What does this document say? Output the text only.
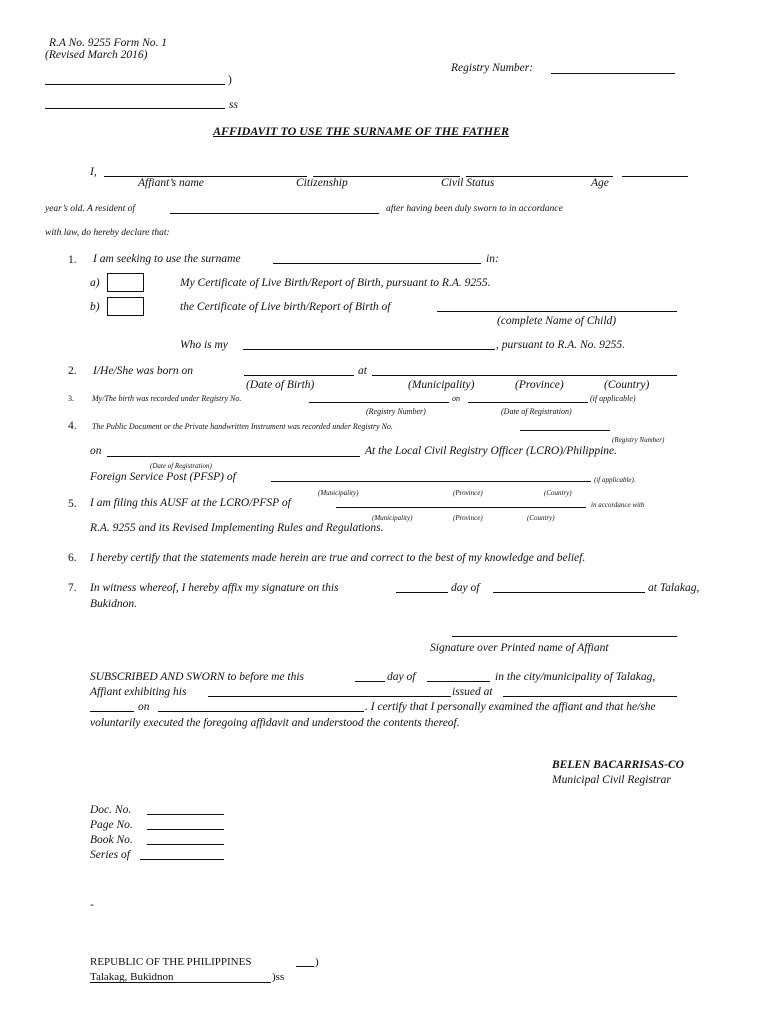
R.A No. 9255 Form No. 1
(Revised March 2016)
Registry Number:
)
ss
AFFIDAVIT TO USE THE SURNAME OF THE FATHER
I,
Affiant’s name	Citizenship	Civil Status	Age
year’s old. A resident of	after having been duly sworn to in accordance
with law, do hereby declare that:
1. I am seeking to use the surname	in:
a)	My Certificate of Live Birth/Report of Birth, pursuant to R.A. 9255.
b)	the Certificate of Live birth/Report of Birth of
(complete Name of Child)
Who is my	, pursuant to R.A. No. 9255.
2. I/He/She was born on	at
(Date of Birth)	(Municipality)	(Province)	(Country)
3. My/The birth was recorded under Registry No.	on	(if applicable)
(Registry Number)	(Date of Registration)
4. The Public Document or the Private handwritten Instrument was recorded under Registry No.
(Registry Number)
on	At the Local Civil Registry Officer (LCRO)/Philippine.
(Date of Registration)
Foreign Service Post (PFSP) of	(if applicable).
(Municipality)	(Province)	(Country)
5. I am filing this AUSF at the LCRO/PFSP of	in accordance with
(Municipality)	(Province)	(Country)
R.A. 9255 and its Revised Implementing Rules and Regulations.
6. I hereby certify that the statements made herein are true and correct to the best of my knowledge and belief.
7. In witness whereof, I hereby affix my signature on this	day of	at Talakag,
Bukidnon.
Signature over Printed name of Affiant
SUBSCRIBED AND SWORN to before me this	day of	in the city/municipality of Talakag,
Affiant exhibiting his	issued at
on	. I certify that I personally examined the affiant and that he/she
voluntarily executed the foregoing affidavit and understood the contents thereof.
BELEN BACARRISAS-CO
Municipal Civil Registrar
Doc. No.
Page No.
Book No.
Series of
-
REPUBLIC OF THE PHILIPPINES	)
Talakag, Bukidnon	)ss
